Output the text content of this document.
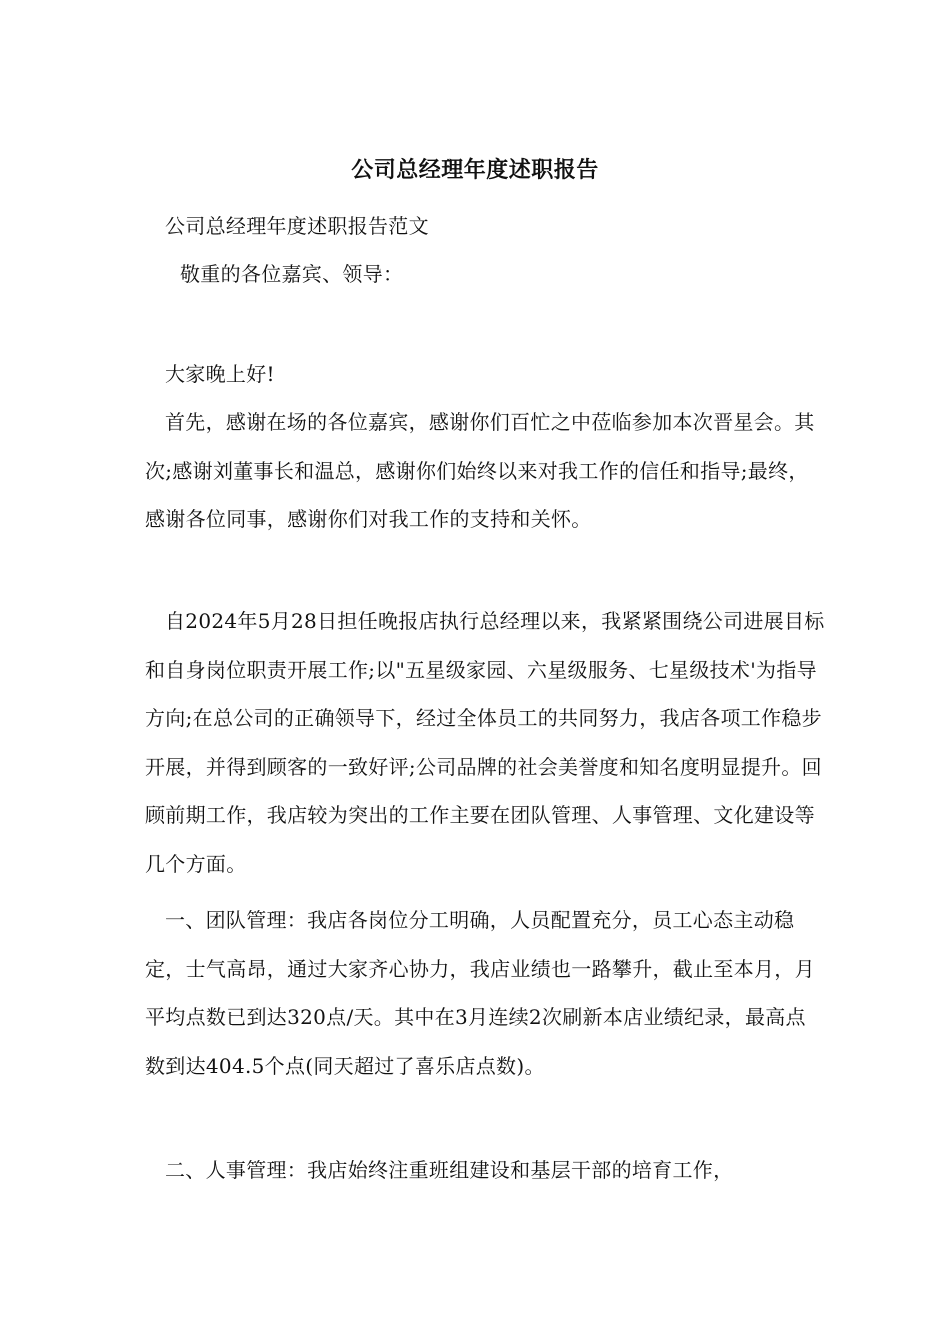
公司总经理年度述职报告
公司总经理年度述职报告范文
敬重的各位嘉宾、领导：
大家晚上好!
首先，感谢在场的各位嘉宾，感谢你们百忙之中莅临参加本次晋星会。其次;感谢刘董事长和温总，感谢你们始终以来对我工作的信任和指导;最终，感谢各位同事，感谢你们对我工作的支持和关怀。
自2024年5月28日担任晚报店执行总经理以来，我紧紧围绕公司进展目标和自身岗位职责开展工作;以"五星级家园、六星级服务、七星级技术'为指导方向;在总公司的正确领导下，经过全体员工的共同努力，我店各项工作稳步开展，并得到顾客的一致好评;公司品牌的社会美誉度和知名度明显提升。回顾前期工作，我店较为突出的工作主要在团队管理、人事管理、文化建设等几个方面。
一、团队管理：我店各岗位分工明确，人员配置充分，员工心态主动稳定，士气高昂，通过大家齐心协力，我店业绩也一路攀升，截止至本月，月平均点数已到达320点/天。其中在3月连续2次刷新本店业绩纪录，最高点数到达404.5个点(同天超过了喜乐店点数)。
二、人事管理：我店始终注重班组建设和基层干部的培育工作，
